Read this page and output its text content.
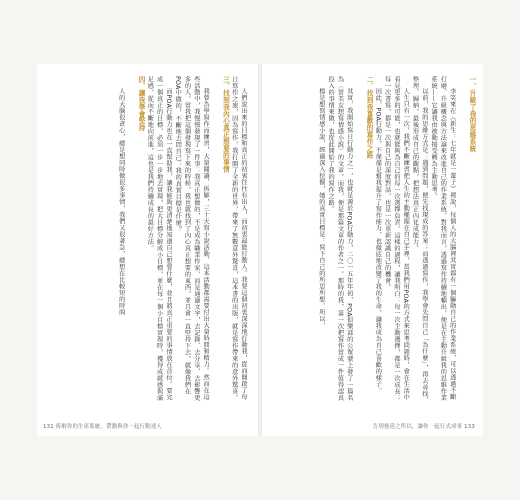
人們說出來的目標和真正的初衷往往有出入，而初衷最能打動人。我要這個初衷深深地打動我，從而開啟了每日寫作之旅，因為寫作，我打開了全新的世界，帶來了無數意外驚喜，這本書的出版，就是寫作帶來的意外驚喜。
三、找到我內心真正想要的事情
我曾為學寫作而練習，大量閱讀、拆解，三十天寫小說活動、這本活動都需要付出大量時間和精力。然而在這些活動中，我慢慢發現了一件事：我真正想做的，不是成為職業作家，而是通過文字，去記錄、去分享、去影響更多的人。當我把這個發現寫下來的時候，我也就找到了內心真正想要的東西，並且會一直堅持下去，就像我們在POA中做的，不斷地去問自己：我的真實目標是什麼？
而POA行動力也在一直幫助我，讓我能夠更清楚地知道自己想要什麼，並且將真正重要的事情放在首位。要完成一個真正的目標，必須一步一步地去實現，把大目標分解成小目標，並在每一個小目標實現時，獲得成就感與滿足感，從而不斷地向前進，這也是我們持續成長的最好方法。
四、讓我學會堅持
人的大腦很貪心，總是想同時做很多事情，我們又很著急，總想在比較短的時間
131 拆解你的生產系統，帶動與你一起行動達人
一、升級了我的思維系統
李笑來在《新生：七年就是一輩子》裡說，每個人的大腦裡其實都有一個驅動自己的作業系統，可以透過不斷打磨、升級概念與方法論來改進自己的作業系統。對我而言，透過寫作持續地輸出，便是在主動升級我的思維作業系統——它讓我由被動接受轉為主動思考。
以前，我的思維方式是：遇到問題，便先找現成的答案；而透過寫作，我學會先問自己「為什麼」，再去尋找、整理、歸納，最後形成自己的觀點，把想法真正內化成能力。
人生只有一次，我們不斷練習把人生的主動權握在自己手裡，當我們用POA的方式來思考問題時，會在生活中看見更多的可能，也就能夠為自己的每一次選擇負責。這樣的過程，讓我明白：每一次主動選擇，都是一次成長；每一次書寫，都是一次與自己的深度對話，也是一次重新認識自己的機會。
因此，POA行動力，不僅僅是幫我提升了寫作能力，也徹底地改變了我的生命，讓我成為自己喜歡的樣子。
二、找到我喜歡的寫作之路
其實，我開始寫日行動力之一，也就是源於POA行動力，二〇一五年年初，POA俱樂部的公眾號上發了一篇名為〈當美女想寫情感小說〉的文章，而我，便是那篇文章的作者之一。那時的我，第一次把寫作當成一件值得認真投入的事情來做，也從此開始了我的寫作之路。
標是想寫情感小說，經過深入挖掘，她的真實目標是：寫下自己的所思所想。所以，
告別拖延之所以，讓你一起行式成事 133
